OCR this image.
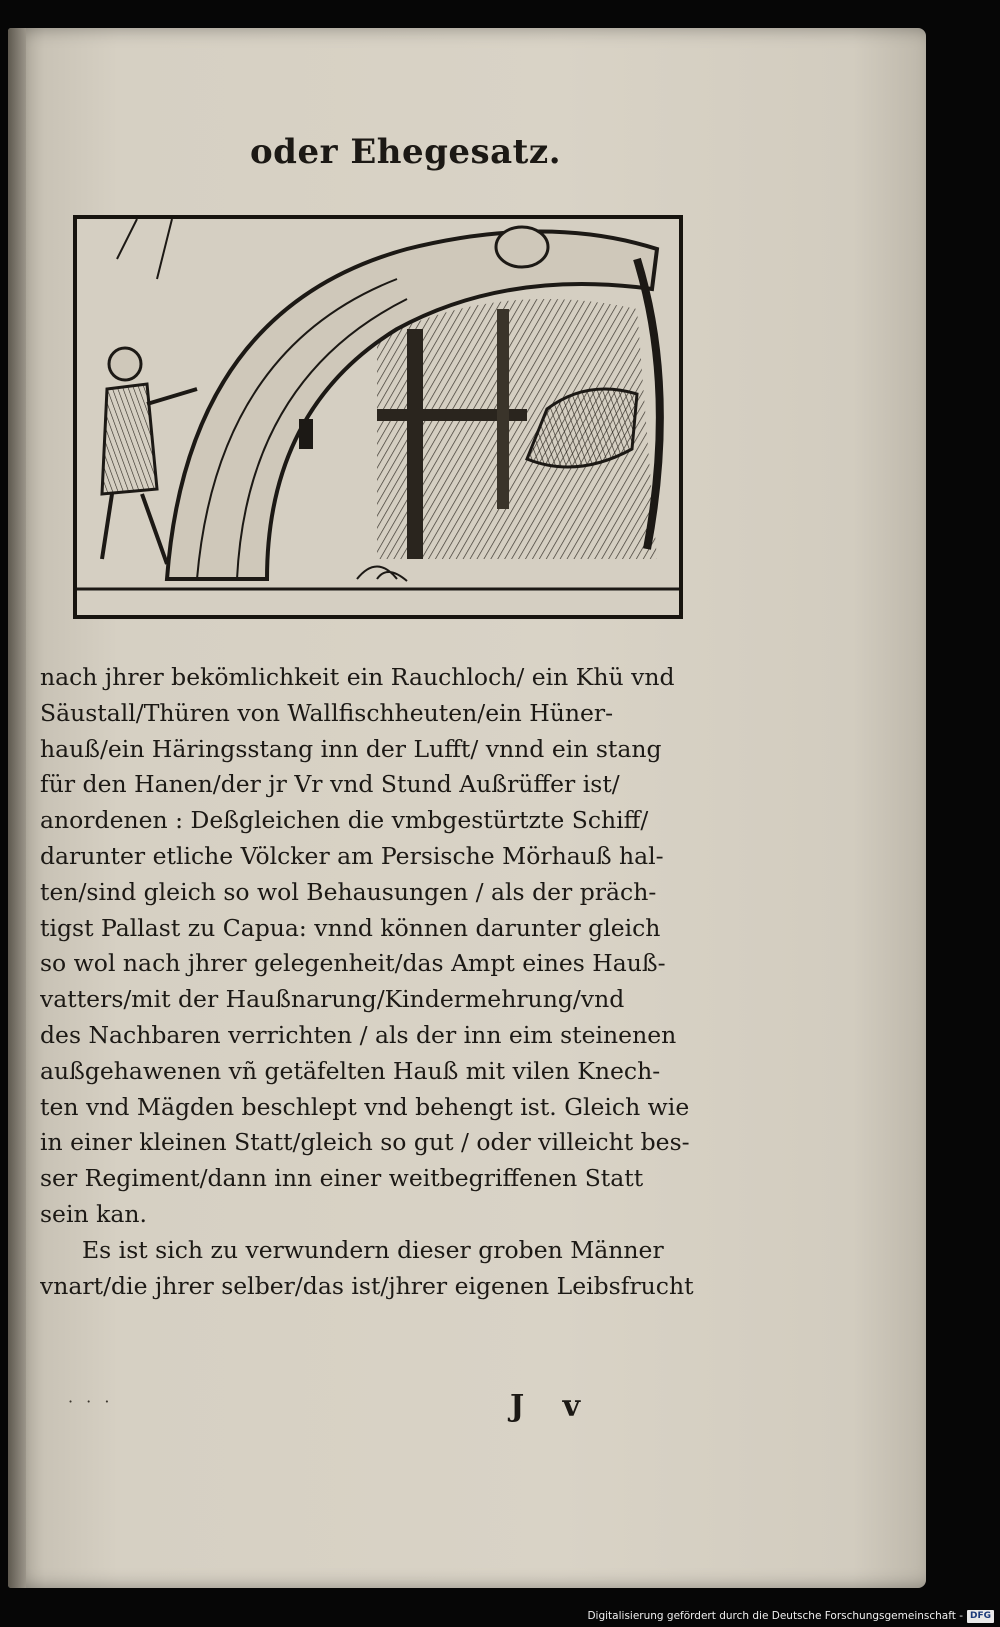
oder Ehegesatz.
nach jhrer bekömlichkeit ein Rauchloch/ ein Khü vnd
Säustall/Thüren von Wallfischheuten/ein Hüner-
hauß/ein Häringsstang inn der Lufft/ vnnd ein stang
für den Hanen/der jr Vr vnd Stund Außrüffer ist/
anordenen : Deßgleichen die vmbgestürtzte Schiff/
darunter etliche Völcker am Persische Mörhauß hal-
ten/sind gleich so wol Behausungen / als der präch-
tigst Pallast zu Capua: vnnd können darunter gleich
so wol nach jhrer gelegenheit/das Ampt eines Hauß-
vatters/mit der Haußnarung/Kindermehrung/vnd
des Nachbaren verrichten / als der inn eim steinenen
außgehawenen vñ getäfelten Hauß mit vilen Knech-
ten vnd Mägden beschlept vnd behengt ist. Gleich wie
in einer kleinen Statt/gleich so gut / oder villeicht bes-
ser Regiment/dann inn einer weitbegriffenen Statt
sein kan.
Es ist sich zu verwundern dieser groben Männer
vnart/die jhrer selber/das ist/jhrer eigenen Leibsfrucht
· · ·	J v
Digitalisierung gefördert durch die Deutsche Forschungsgemeinschaft - DFG
